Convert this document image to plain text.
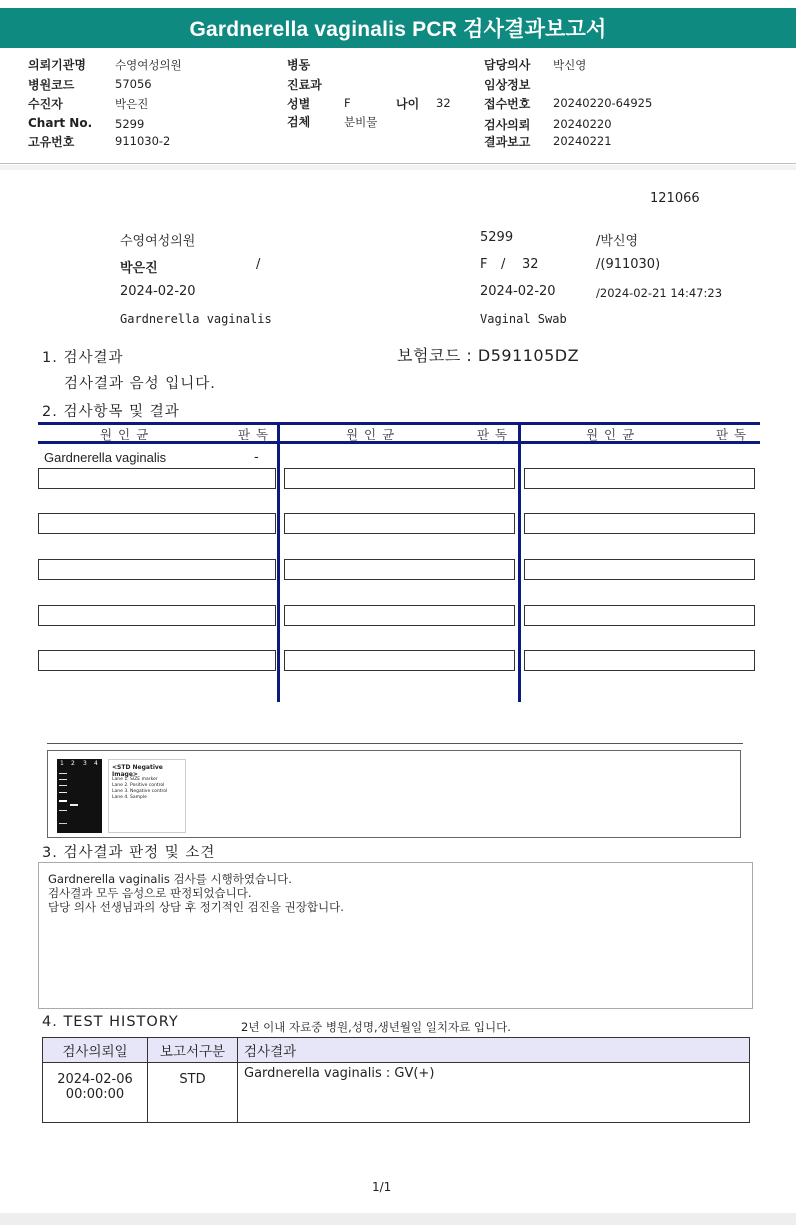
Gardnerella vaginalis PCR 검사결과보고서
의뢰기관명	수영여성의원
병원코드	57056
수진자	박은진
Chart No. 5299
고유번호	911030-2
병동
진료과
성별	F	나이 32
검체	분비물
담당의사 박신영
임상정보
접수번호 20240220-64925
검사의뢰 20240220
결과보고 20240221
121066
수영여성의원	5299	/박신영
박은진	/	F / 32	/(911030)
2024-02-20	2024-02-20	/2024-02-21 14:47:23
Gardnerella vaginalis	Vaginal Swab
1. 검사결과	보험코드 : D591105DZ
검사결과 음성 입니다.
2. 검사항목 및 결과
원 인 균	판 독	원 인 균	판 독	원 인 균	판 독
Gardnerella vaginalis	-
1 2 3 4
<STD Negative Image>
Lane 1. SIZE marker
Lane 2. Positive control
Lane 3. Negative control
Lane 4. Sample
3. 검사결과 판정 및 소견
Gardnerella vaginalis 검사를 시행하였습니다.
검사결과 모두 음성으로 판정되었습니다.
담당 의사 선생님과의 상담 후 정기적인 검진을 권장합니다.
4. TEST HISTORY	2년 이내 자료중 병원,성명,생년월일 일치자료 입니다.
검사의뢰일	보고서구분	검사결과

2024-02-06
00:00:00	STD	Gardnerella vaginalis : GV(+)
1/1
